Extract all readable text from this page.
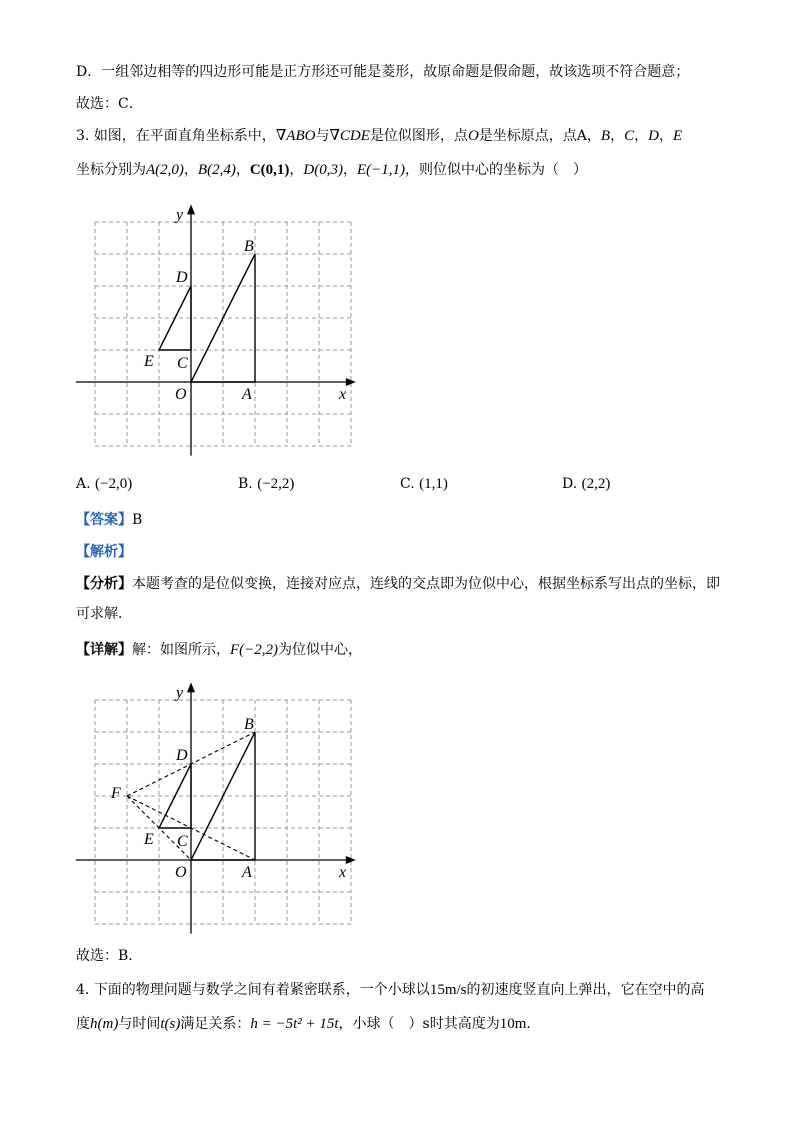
D．一组邻边相等的四边形可能是正方形还可能是菱形，故原命题是假命题，故该选项不符合题意；
故选：C．
3. 如图，在平面直角坐标系中，∇ABO与∇CDE是位似图形，点O是坐标原点，点A，B，C，D，E
坐标分别为A(2,0)，B(2,4)，C(0,1)，D(0,3)，E(−1,1)，则位似中心的坐标为（　）
y
x
O	A
B
C
D
E
A. (−2,0)	B. (−2,2)	C. (1,1)	D. (2,2)
【答案】B
【解析】
【分析】本题考查的是位似变换，连接对应点，连线的交点即为位似中心，根据坐标系写出点的坐标，即可求解．
【详解】解：如图所示，F(−2,2)为位似中心，
y
x
O	A
B
C
D
E
F
故选：B．
4. 下面的物理问题与数学之间有着紧密联系，一个小球以15m/s的初速度竖直向上弹出，它在空中的高
度h(m)与时间t(s)满足关系：h = −5t² + 15t，小球（　）s时其高度为10m．
